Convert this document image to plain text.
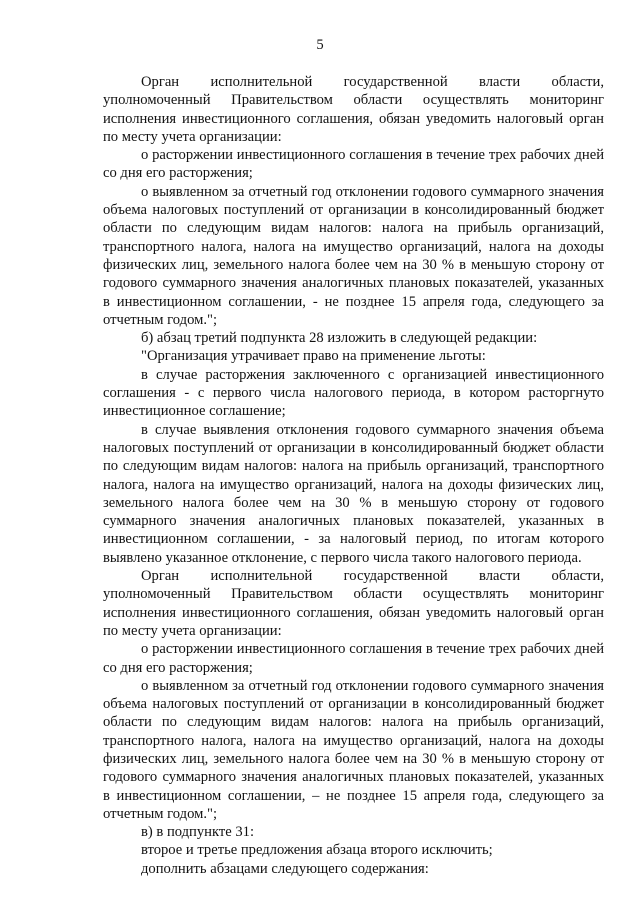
5

Орган исполнительной государственной власти области, уполномоченный Правительством области осуществлять мониторинг исполнения инвестиционного соглашения, обязан уведомить налоговый орган по месту учета организации:

о расторжении инвестиционного соглашения в течение трех рабочих дней со дня его расторжения;

о выявленном за отчетный год отклонении годового суммарного значения объема налоговых поступлений от организации в консолидированный бюджет области по следующим видам налогов: налога на прибыль организаций, транспортного налога, налога на имущество организаций, налога на доходы физических лиц, земельного налога более чем на 30 % в меньшую сторону от годового суммарного значения аналогичных плановых показателей, указанных в инвестиционном соглашении, - не позднее 15 апреля года, следующего за отчетным годом.";

б) абзац третий подпункта 28 изложить в следующей редакции:

"Организация утрачивает право на применение льготы:

в случае расторжения заключенного с организацией инвестиционного соглашения - с первого числа налогового периода, в котором расторгнуто инвестиционное соглашение;

в случае выявления отклонения годового суммарного значения объема налоговых поступлений от организации в консолидированный бюджет области по следующим видам налогов: налога на прибыль организаций, транспортного налога, налога на имущество организаций, налога на доходы физических лиц, земельного налога более чем на 30 % в меньшую сторону от годового суммарного значения аналогичных плановых показателей, указанных в инвестиционном соглашении, - за налоговый период, по итогам которого выявлено указанное отклонение, с первого числа такого налогового периода.

Орган исполнительной государственной власти области, уполномоченный Правительством области осуществлять мониторинг исполнения инвестиционного соглашения, обязан уведомить налоговый орган по месту учета организации:

о расторжении инвестиционного соглашения в течение трех рабочих дней со дня его расторжения;

о выявленном за отчетный год отклонении годового суммарного значения объема налоговых поступлений от организации в консолидированный бюджет области по следующим видам налогов: налога на прибыль организаций, транспортного налога, налога на имущество организаций, налога на доходы физических лиц, земельного налога более чем на 30 % в меньшую сторону от годового суммарного значения аналогичных плановых показателей, указанных в инвестиционном соглашении, – не позднее 15 апреля года, следующего за отчетным годом.";

в) в подпункте 31:

второе и третье предложения абзаца второго исключить;

дополнить абзацами следующего содержания:
